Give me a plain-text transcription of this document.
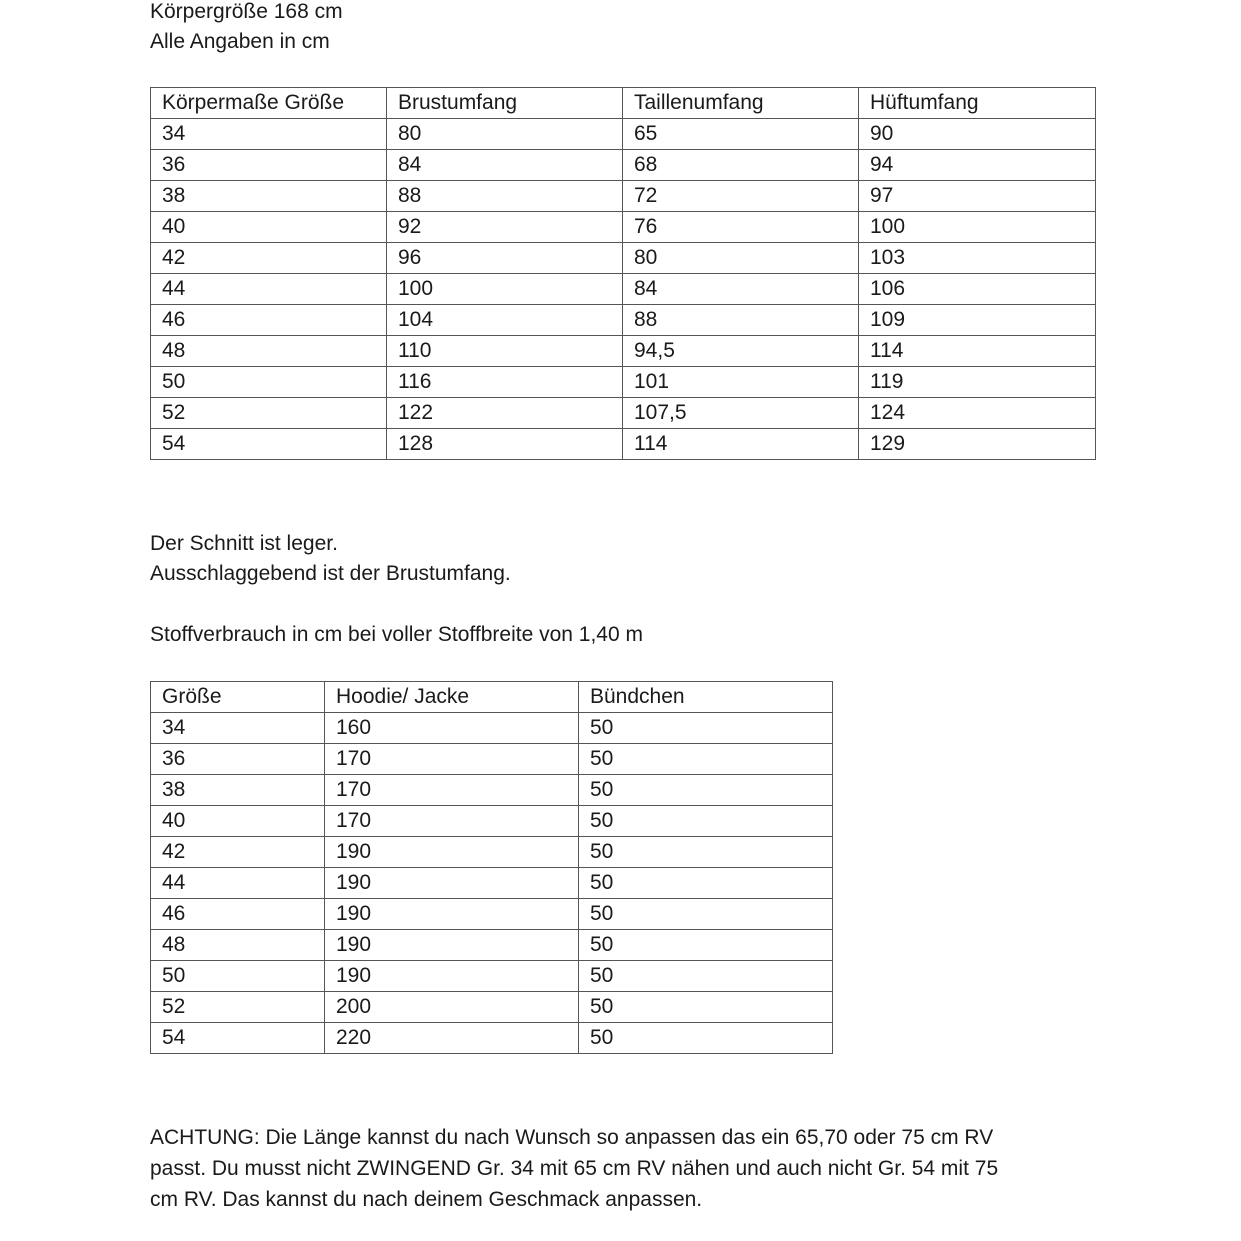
Körpergröße 168 cm
Alle Angaben in cm
Körpermaße Größe	Brustumfang	Taillenumfang	Hüftumfang
34	80	65	90
36	84	68	94
38	88	72	97
40	92	76	100
42	96	80	103
44	100	84	106
46	104	88	109
48	110	94,5	114
50	116	101	119
52	122	107,5	124
54	128	114	129
Der Schnitt ist leger.
Ausschlaggebend ist der Brustumfang.
Stoffverbrauch in cm bei voller Stoffbreite von 1,40 m
Größe	Hoodie/ Jacke	Bündchen
34	160	50
36	170	50
38	170	50
40	170	50
42	190	50
44	190	50
46	190	50
48	190	50
50	190	50
52	200	50
54	220	50
ACHTUNG: Die Länge kannst du nach Wunsch so anpassen das ein 65,70 oder 75 cm RV
passt. Du musst nicht ZWINGEND Gr. 34 mit 65 cm RV nähen und auch nicht Gr. 54 mit 75
cm RV. Das kannst du nach deinem Geschmack anpassen.
